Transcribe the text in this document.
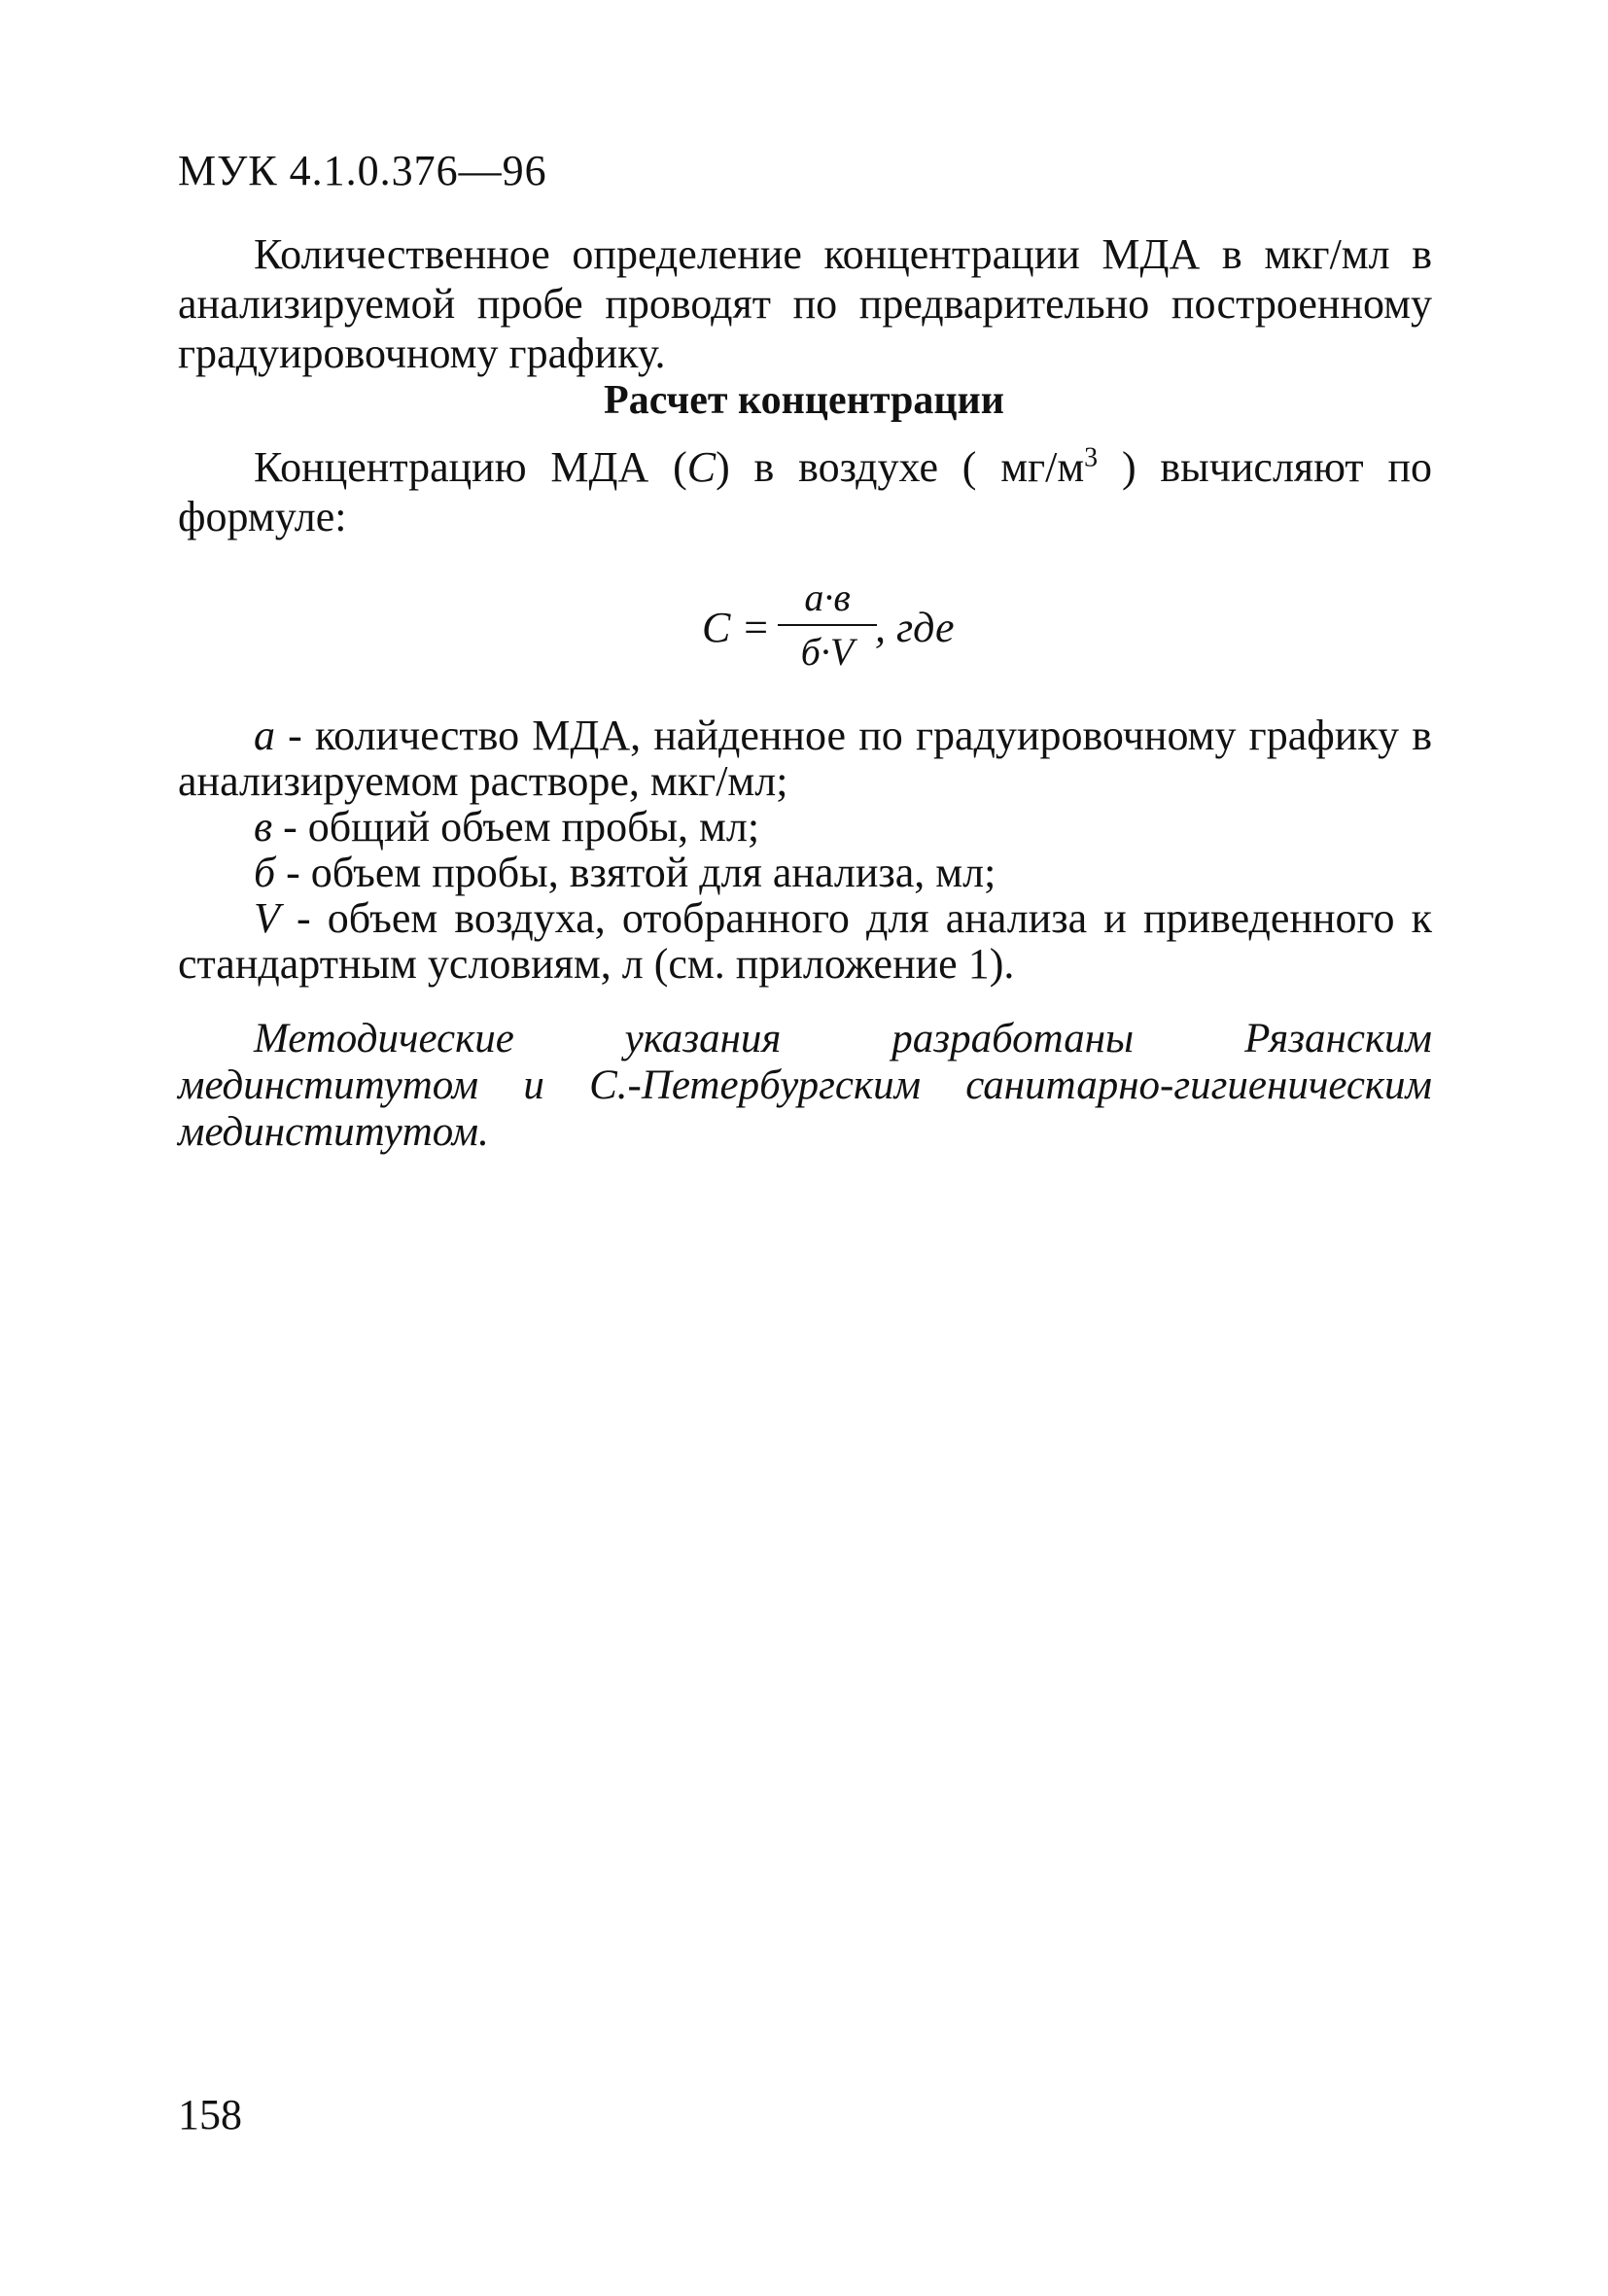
МУК 4.1.0.376—96

Количественное определение концентрации МДА в мкг/мл в анализируемой пробе проводят по предварительно построенному градуировочному графику.

Расчет концентрации

Концентрацию МДА (С) в воздухе ( $мг/м^3$ ) вычисляют по формуле:

С =
а·в
б·V
, где

а - количество МДА, найденное по градуировочному графику в анализируемом растворе, мкг/мл;

в - общий объем пробы, мл;

б - объем пробы, взятой для анализа, мл;

V - объем воздуха, отобранного для анализа и приведенного к стандартным условиям, л (см. приложение 1).

Методические указания разработаны Рязанским мединститутом и С.-Петербургским санитарно-гигиеническим мединститутом.

158
